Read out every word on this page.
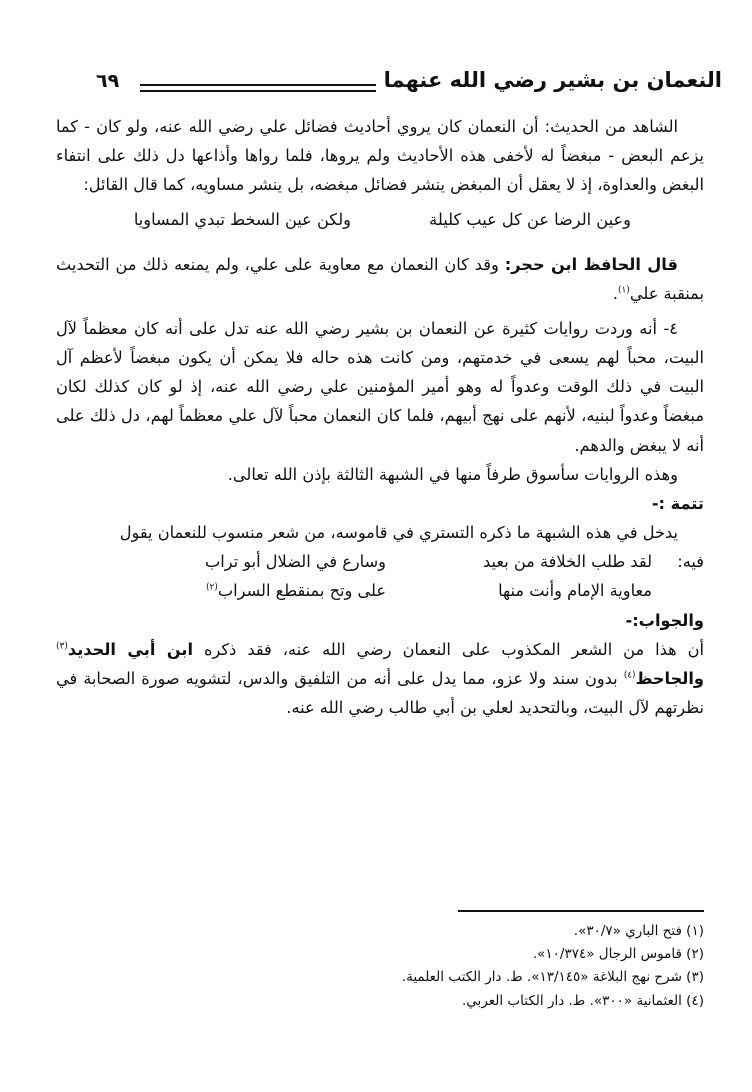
النعمان بن بشير رضي الله عنهما
٦٩

الشاهد من الحديث: أن النعمان كان يروي أحاديث فضائل علي رضي الله عنه، ولو كان - كما يزعم البعض - مبغضاً له لأخفى هذه الأحاديث ولم يروها، فلما رواها وأذاعها دل ذلك على انتفاء البغض والعداوة، إذ لا يعقل أن المبغض ينشر فضائل مبغضه، بل ينشر مساويه، كما قال القائل:

وعين الرضا عن كل عيب كليلة
ولكن عين السخط تبدي المساويا

قال الحافظ ابن حجر: وقد كان النعمان مع معاوية على علي، ولم يمنعه ذلك من التحديث بمنقبة علي$^{(١)}$.

٤- أنه وردت روايات كثيرة عن النعمان بن بشير رضي الله عنه تدل على أنه كان معظماً لآل البيت، محباً لهم يسعى في خدمتهم، ومن كانت هذه حاله فلا يمكن أن يكون مبغضاً لأعظم آل البيت في ذلك الوقت وعدواً له وهو أمير المؤمنين علي رضي الله عنه، إذ لو كان كذلك لكان مبغضاً وعدواً لبنيه، لأنهم على نهج أبيهم، فلما كان النعمان محباً لآل علي معظماً لهم، دل ذلك على أنه لا يبغض والدهم.

وهذه الروايات سأسوق طرفاً منها في الشبهة الثالثة بإذن الله تعالى.

تتمة :-

يدخل في هذه الشبهة ما ذكره التستري في قاموسه، من شعر منسوب للنعمان يقول

فيه:
لقد طلب الخلافة من بعيد
وسارع في الضلال أبو تراب
معاوية الإمام وأنت منها
على وتح بمنقطع السراب$^{(٢)}$

والجواب:-

أن هذا من الشعر المكذوب على النعمان رضي الله عنه، فقد ذكره ابن أبي الحديد$^{(٣)}$ والجاحظ$^{(٤)}$ بدون سند ولا عزو، مما يدل على أنه من التلفيق والدس، لتشويه صورة الصحابة في نظرتهم لآل البيت، وبالتحديد لعلي بن أبي طالب رضي الله عنه.

(١) فتح الباري «٣٠/٧».
(٢) قاموس الرجال «١٠/٣٧٤».
(٣) شرح نهج البلاغة «١٣/١٤٥». ط. دار الكتب العلمية.
(٤) العثمانية «٣٠٠». ط. دار الكتاب العربي.
